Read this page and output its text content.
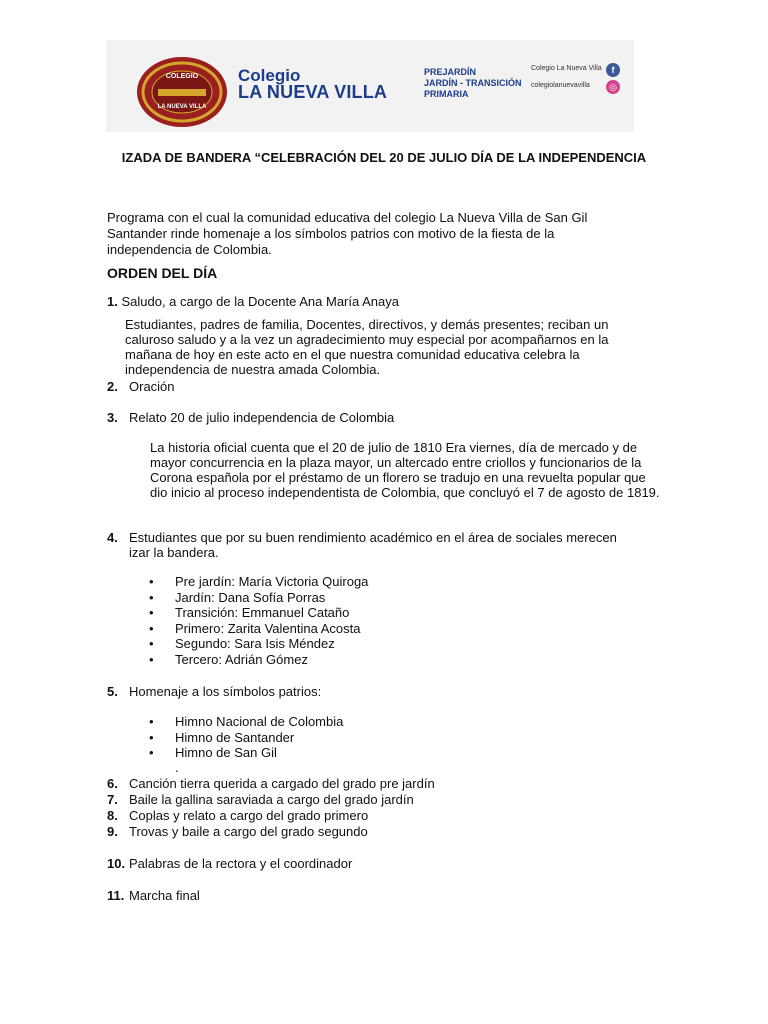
COLEGIO
LA NUEVA VILLA
Colegio
LA NUEVA VILLA
PREJARDÍN
JARDÍN - TRANSICIÓN
PRIMARIA
Colegio La Nueva Villa	f
colegiolanuevavilla	◎
IZADA DE BANDERA “CELEBRACIÓN DEL 20 DE JULIO DÍA DE LA INDEPENDENCIA
Programa con el cual la comunidad educativa del colegio La Nueva Villa de San Gil Santander rinde homenaje a los símbolos patrios con motivo de la fiesta de la independencia de Colombia.
ORDEN DEL DÍA
1. Saludo, a cargo de la Docente Ana María Anaya
Estudiantes, padres de familia, Docentes, directivos, y demás presentes; reciban un caluroso saludo y a la vez un agradecimiento muy especial por acompañarnos en la mañana de hoy en este acto en el que nuestra comunidad educativa celebra la independencia de nuestra amada Colombia.
2. Oración
3. Relato 20 de julio independencia de Colombia
La historia oficial cuenta que el 20 de julio de 1810 Era viernes, día de mercado y de mayor concurrencia en la plaza mayor, un altercado entre criollos y funcionarios de la Corona española por el préstamo de un florero se tradujo en una revuelta popular que dio inicio al proceso independentista de Colombia, que concluyó el 7 de agosto de 1819.
4. Estudiantes que por su buen rendimiento académico en el área de sociales merecen
izar la bandera.
• Pre jardín: María Victoria Quiroga
• Jardín: Dana Sofía Porras
• Transición: Emmanuel Cataño
• Primero: Zarita Valentina Acosta
• Segundo: Sara Isis Méndez
• Tercero: Adrián Gómez
5. Homenaje a los símbolos patrios:
• Himno Nacional de Colombia
• Himno de Santander
• Himno de San Gil
.
6. Canción tierra querida a cargado del grado pre jardín
7. Baile la gallina saraviada a cargo del grado jardín
8. Coplas y relato a cargo del grado primero
9. Trovas y baile a cargo del grado segundo
10. Palabras de la rectora y el coordinador
11. Marcha final
